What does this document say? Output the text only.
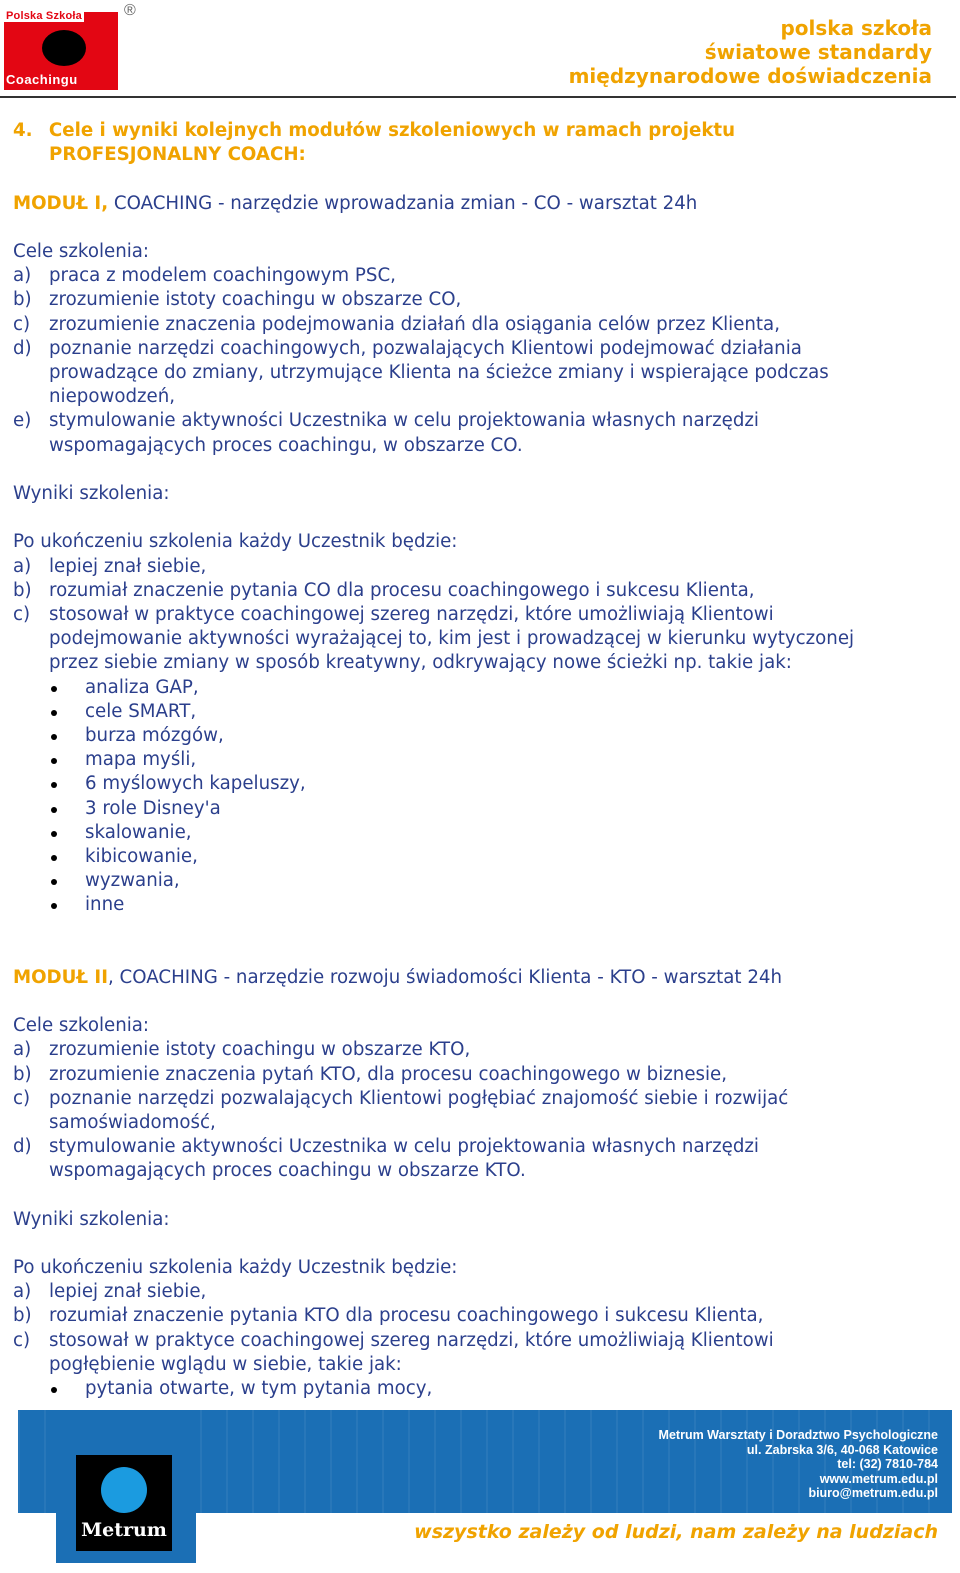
Polska Szkoła
Coachingu
®
polska szkoła
światowe standardy
międzynarodowe doświadczenia
4. Cele i wyniki kolejnych modułów szkoleniowych w ramach projektu
PROFESJONALNY COACH:
MODUŁ I, COACHING - narzędzie wprowadzania zmian - CO - warsztat 24h
Cele szkolenia:
a) praca z modelem coachingowym PSC,
b) zrozumienie istoty coachingu w obszarze CO,
c)	zrozumienie znaczenia podejmowania działań dla osiągania celów przez Klienta,
d) poznanie narzędzi coachingowych, pozwalających Klientowi podejmować działania
prowadzące do zmiany, utrzymujące Klienta na ścieżce zmiany i wspierające podczas
niepowodzeń,
e) stymulowanie aktywności Uczestnika w celu projektowania własnych narzędzi
wspomagających proces coachingu, w obszarze CO.
Wyniki szkolenia:
Po ukończeniu szkolenia każdy Uczestnik będzie:
a) lepiej znał siebie,
b) rozumiał znaczenie pytania CO dla procesu coachingowego i sukcesu Klienta,
c)	stosował w praktyce coachingowej szereg narzędzi, które umożliwiają Klientowi
podejmowanie aktywności wyrażającej to, kim jest i prowadzącej w kierunku wytyczonej
przez siebie zmiany w sposób kreatywny, odkrywający nowe ścieżki np. takie jak:
analiza GAP,
cele SMART,
burza mózgów,
mapa myśli,
6 myślowych kapeluszy,
3 role Disney'a
skalowanie,
kibicowanie,
wyzwania,
inne
MODUŁ II, COACHING - narzędzie rozwoju świadomości Klienta - KTO - warsztat 24h
Cele szkolenia:
a) zrozumienie istoty coachingu w obszarze KTO,
b) zrozumienie znaczenia pytań KTO, dla procesu coachingowego w biznesie,
c)	poznanie narzędzi pozwalających Klientowi pogłębiać znajomość siebie i rozwijać
samoświadomość,
d) stymulowanie aktywności Uczestnika w celu projektowania własnych narzędzi
wspomagających proces coachingu w obszarze KTO.
Wyniki szkolenia:
Po ukończeniu szkolenia każdy Uczestnik będzie:
a) lepiej znał siebie,
b) rozumiał znaczenie pytania KTO dla procesu coachingowego i sukcesu Klienta,
c)	stosował w praktyce coachingowej szereg narzędzi, które umożliwiają Klientowi
pogłębienie wglądu w siebie, takie jak:
pytania otwarte, w tym pytania mocy,
Metrum
Metrum Warsztaty i Doradztwo Psychologiczne
ul. Zabrska 3/6, 40-068 Katowice
tel: (32) 7810-784
www.metrum.edu.pl
biuro@metrum.edu.pl
wszystko zależy od ludzi, nam zależy na ludziach
